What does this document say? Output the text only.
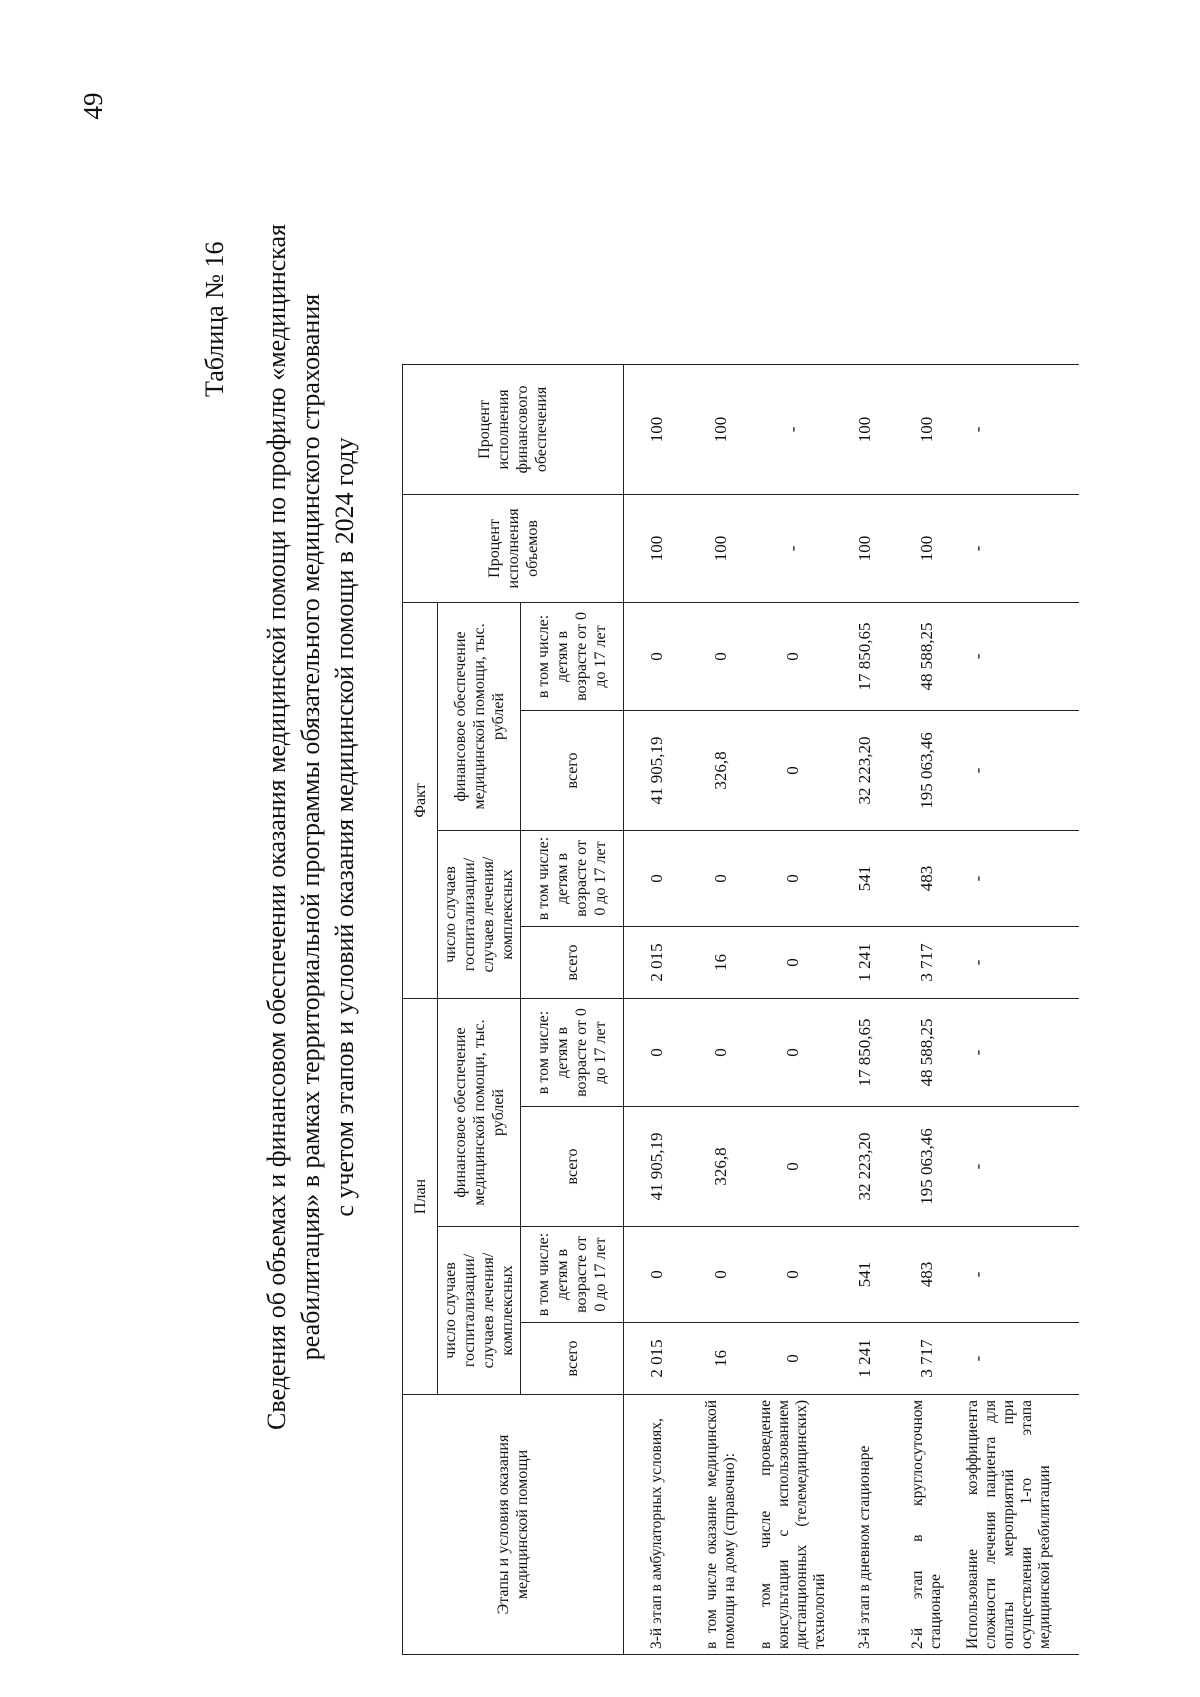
49
Таблица № 16 Сведения об объемах и финансовом обеспечении оказания медицинской помощи по профилю «медицинская реабилитация» в рамках территориальной программы обязательного медицинского страхования с учетом этапов и условий оказания медицинской помощи в 2024 году
Этапы и условия оказания медицинской помощи	План				Факт				Процент исполнения объемов	Процент исполнения финансового обеспечения
	число случаев госпитализации/ случаев лечения/ комплексных		финансовое обеспечение медицинской помощи, тыс. рублей		число случаев госпитализации/ случаев лечения/ комплексных		финансовое обеспечение медицинской помощи, тыс. рублей			
	всего	в том числе: детям в возрасте от 0 до 17 лет	всего	в том числе: детям в возрасте от 0 до 17 лет	всего	в том числе: детям в возрасте от 0 до 17 лет	всего	в том числе: детям в возрасте от 0 до 17 лет		
3-й этап в амбулаторных условиях,	2 015	0	41 905,19	0	2 015	0	41 905,19	0	100	100
в том числе оказание медицинской помощи на дому (справочно):	16	0	326,8	0	16	0	326,8	0	100	100
в том числе проведение консультации с использованием дистанционных (телемедицинских) технологий	0	0	0	0	0	0	0	0	-	-
3-й этап в дневном стационаре	1 241	541	32 223,20	17 850,65	1 241	541	32 223,20	17 850,65	100	100
2-й этап в круглосуточном стационаре	3 717	483	195 063,46	48 588,25	3 717	483	195 063,46	48 588,25	100	100
Использование коэффициента сложности лечения пациента для оплаты мероприятий при осуществлении 1-го этапа медицинской реабилитации	-	-	-	-	-	-	-	-	-	-
